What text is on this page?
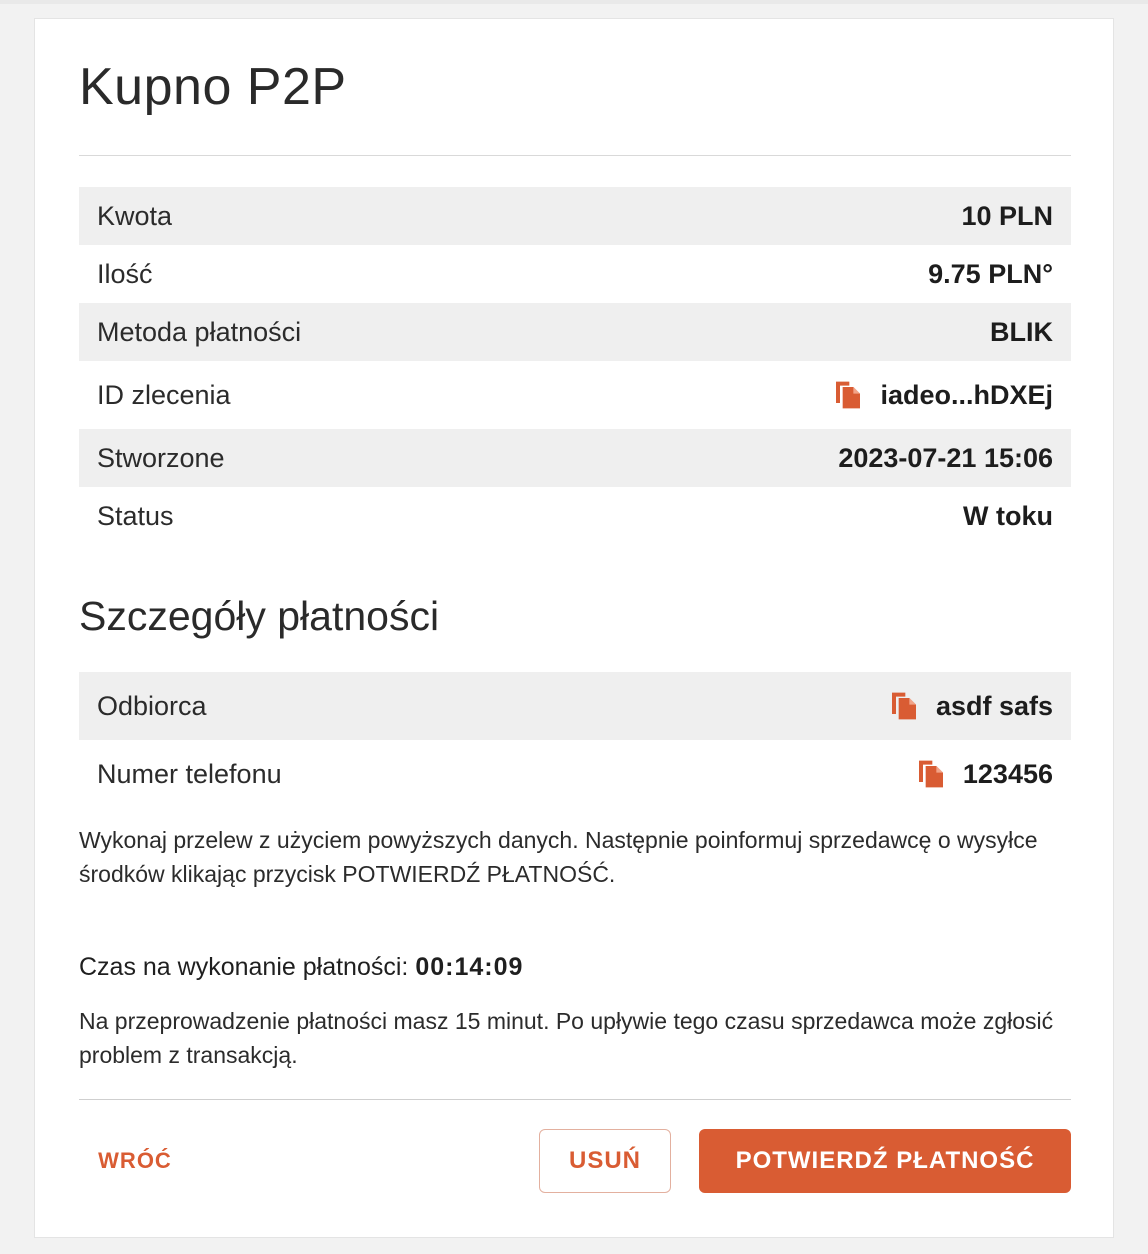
Kupno P2P
Kwota	10 PLN
Ilość	9.75 PLN°
Metoda płatności	BLIK
ID zlecenia	iadeo...hDXEj
Stworzone	2023-07-21 15:06
Status	W toku
Szczegóły płatności
Odbiorca	asdf safs
Numer telefonu	123456

Wykonaj przelew z użyciem powyższych danych. Następnie poinformuj sprzedawcę o wysyłce środków klikając przycisk POTWIERDŹ PŁATNOŚĆ.

Czas na wykonanie płatności: 00:14:09

Na przeprowadzenie płatności masz 15 minut. Po upływie tego czasu sprzedawca może zgłosić problem z transakcją.

WRÓĆ	USUŃ	POTWIERDŹ PŁATNOŚĆ
